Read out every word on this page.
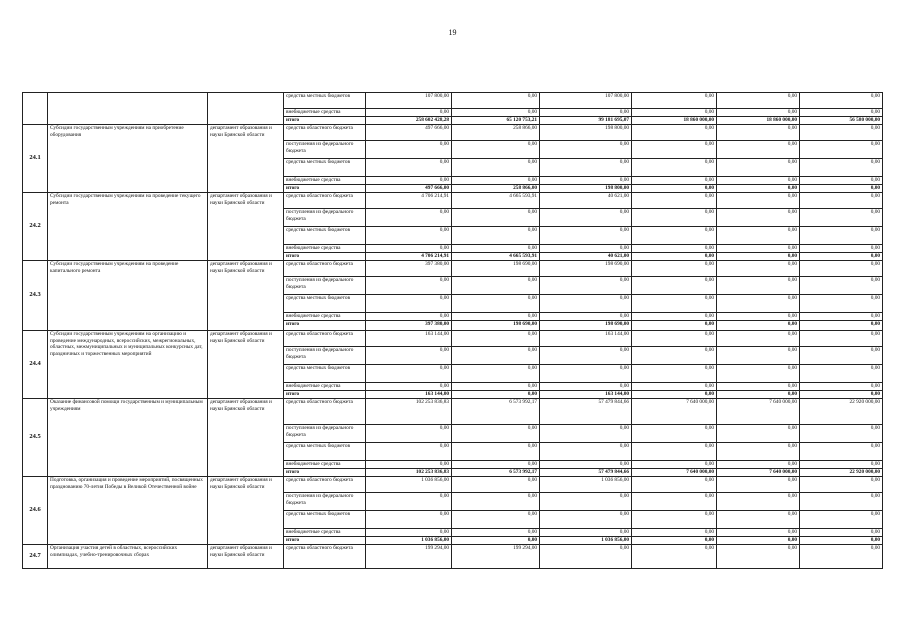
19
			средства местных бюджетов	107 800,00	0,00	107 800,00	0,00	0,00	0,00
			внебюджетные средства	0,00	0,00	0,00	0,00	0,00	0,00
			итого	258 602 428,28	65 120 753,21	99 181 695,07	18 860 000,00	18 860 000,00	56 580 000,00
24.1	Субсидии государственным учреждениям на приобретение оборудования	департамент образования и науки Брянской области	средства областного бюджета	497 666,00	258 866,00	198 800,00	0,00	0,00	0,00
			поступления из федерального бюджета	0,00	0,00	0,00	0,00	0,00	0,00
			средства местных бюджетов	0,00	0,00	0,00	0,00	0,00	0,00
			внебюджетные средства	0,00	0,00	0,00	0,00	0,00	0,00
			итого	497 666,00	258 866,00	198 800,00	0,00	0,00	0,00
24.2	Субсидии государственным учреждениям на проведение текущего ремонта	департамент образования и науки Брянской области	средства областного бюджета	4 706 214,91	4 665 593,91	40 621,00	0,00	0,00	0,00
			поступления из федерального бюджета	0,00	0,00	0,00	0,00	0,00	0,00
			средства местных бюджетов	0,00	0,00	0,00	0,00	0,00	0,00
			внебюджетные средства	0,00	0,00	0,00	0,00	0,00	0,00
			итого	4 706 214,91	4 665 593,91	40 621,00	0,00	0,00	0,00
24.3	Субсидии государственным учреждениям на проведение капитального ремонта	департамент образования и науки Брянской области	средства областного бюджета	397 380,00	198 690,00	198 690,00	0,00	0,00	0,00
			поступления из федерального бюджета	0,00	0,00	0,00	0,00	0,00	0,00
			средства местных бюджетов	0,00	0,00	0,00	0,00	0,00	0,00
			внебюджетные средства	0,00	0,00	0,00	0,00	0,00	0,00
			итого	397 380,00	198 690,00	198 690,00	0,00	0,00	0,00
24.4	Субсидии государственным учреждениям на организацию и проведение международных, всероссийских, межрегиональных, областных, межмуниципальных и муниципальных конкурсных дат, праздничных и торжественных мероприятий	департамент образования и науки Брянской области	средства областного бюджета	163 144,00	0,00	163 144,00	0,00	0,00	0,00
			поступления из федерального бюджета	0,00	0,00	0,00	0,00	0,00	0,00
			средства местных бюджетов	0,00	0,00	0,00	0,00	0,00	0,00
			внебюджетные средства	0,00	0,00	0,00	0,00	0,00	0,00
			итого	163 144,00	0,00	163 144,00	0,00	0,00	0,00
24.5	Оказание финансовой помощи государственным и муниципальным учреждениям	департамент образования и науки Брянской области	средства областного бюджета	102 253 836,83	6 573 992,17	57 479 844,66	7 640 000,00	7 640 000,00	22 920 000,00
			поступления из федерального бюджета	0,00	0,00	0,00	0,00	0,00	0,00
			средства местных бюджетов	0,00	0,00	0,00	0,00	0,00	0,00
			внебюджетные средства	0,00	0,00	0,00	0,00	0,00	0,00
			итого	102 253 836,83	6 573 992,17	57 479 844,66	7 640 000,00	7 640 000,00	22 920 000,00
24.6	Подготовка, организация и проведение мероприятий, посвященных празднованию 70-летия Победы в Великой Отечественной войне	департамент образования и науки Брянской области	средства областного бюджета	1 036 856,00	0,00	1 036 856,00	0,00	0,00	0,00
			поступления из федерального бюджета	0,00	0,00	0,00	0,00	0,00	0,00
			средства местных бюджетов	0,00	0,00	0,00	0,00	0,00	0,00
			внебюджетные средства	0,00	0,00	0,00	0,00	0,00	0,00
			итого	1 036 856,00	0,00	1 036 856,00	0,00	0,00	0,00
24.7	Организация участия детей в областных, всероссийских олимпиадах, учебно-тренировочных сборах	департамент образования и науки Брянской области	средства областного бюджета	199 294,00	199 294,00	0,00	0,00	0,00	0,00
